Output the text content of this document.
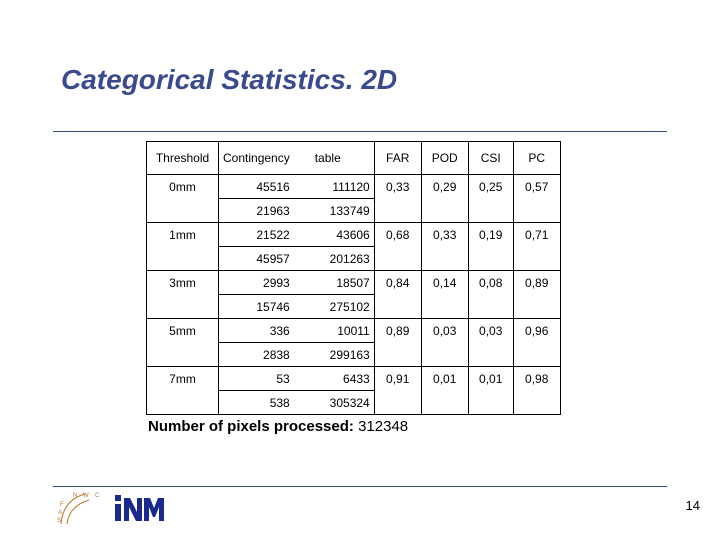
Categorical Statistics. 2D
Threshold	Contingency	table	FAR	POD	CSI	PC
0mm	45516	111120	0,33	0,29	0,25	0,57
	21963	133749				
1mm	21522	43606	0,68	0,33	0,19	0,71
	45957	201263				
3mm	2993	18507	0,84	0,14	0,08	0,89
	15746	275102				
5mm	336	10011	0,89	0,03	0,03	0,96
	2838	299163				
7mm	53	6433	0,91	0,01	0,01	0,98
	538	305324				
Number of pixels processed: 312348
S
A
F
N W C
14
